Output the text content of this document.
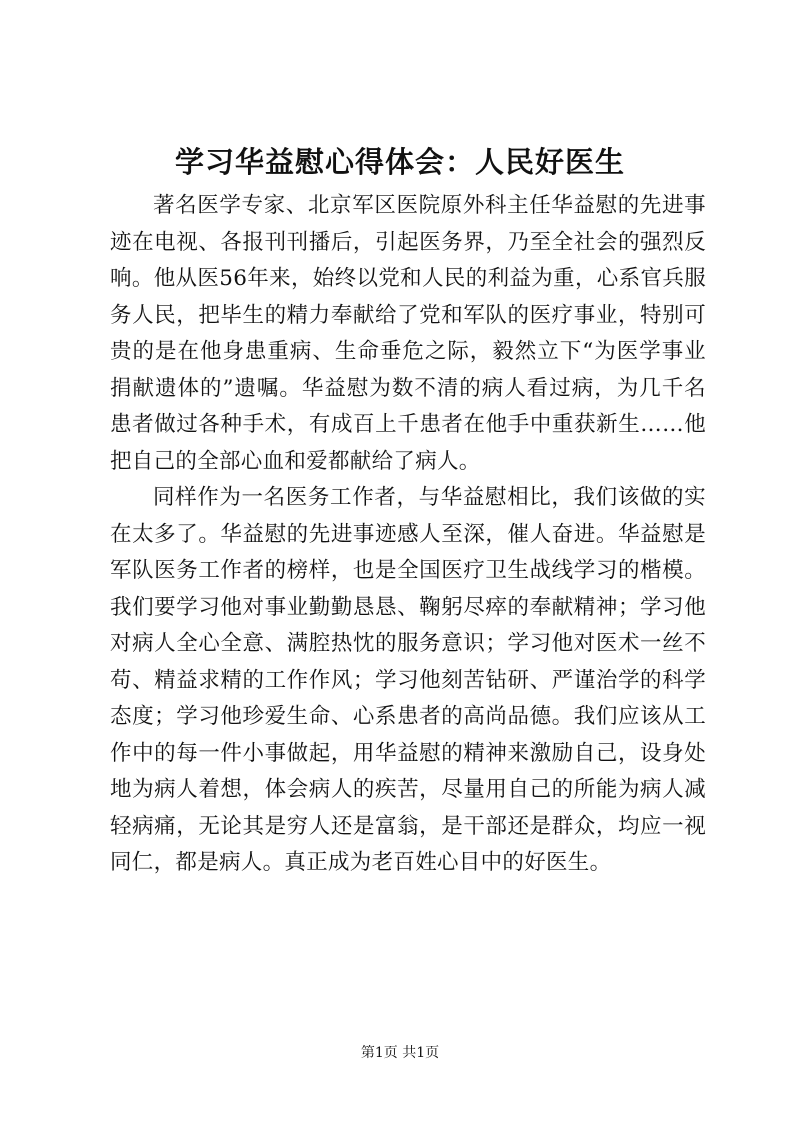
学习华益慰心得体会：人民好医生

著名医学专家、北京军区医院原外科主任华益慰的先进事迹在电视、各报刊刊播后，引起医务界，乃至全社会的强烈反响。他从医56年来，始终以党和人民的利益为重，心系官兵服务人民，把毕生的精力奉献给了党和军队的医疗事业，特别可贵的是在他身患重病、生命垂危之际，毅然立下“为医学事业捐献遗体的”遗嘱。华益慰为数不清的病人看过病，为几千名患者做过各种手术，有成百上千患者在他手中重获新生……他把自己的全部心血和爱都献给了病人。

同样作为一名医务工作者，与华益慰相比，我们该做的实在太多了。华益慰的先进事迹感人至深，催人奋进。华益慰是军队医务工作者的榜样，也是全国医疗卫生战线学习的楷模。我们要学习他对事业勤勤恳恳、鞠躬尽瘁的奉献精神；学习他对病人全心全意、满腔热忱的服务意识；学习他对医术一丝不苟、精益求精的工作作风；学习他刻苦钻研、严谨治学的科学态度；学习他珍爱生命、心系患者的高尚品德。我们应该从工作中的每一件小事做起，用华益慰的精神来激励自己，设身处地为病人着想，体会病人的疾苦，尽量用自己的所能为病人减轻病痛，无论其是穷人还是富翁，是干部还是群众，均应一视同仁，都是病人。真正成为老百姓心目中的好医生。

第1页 共1页
